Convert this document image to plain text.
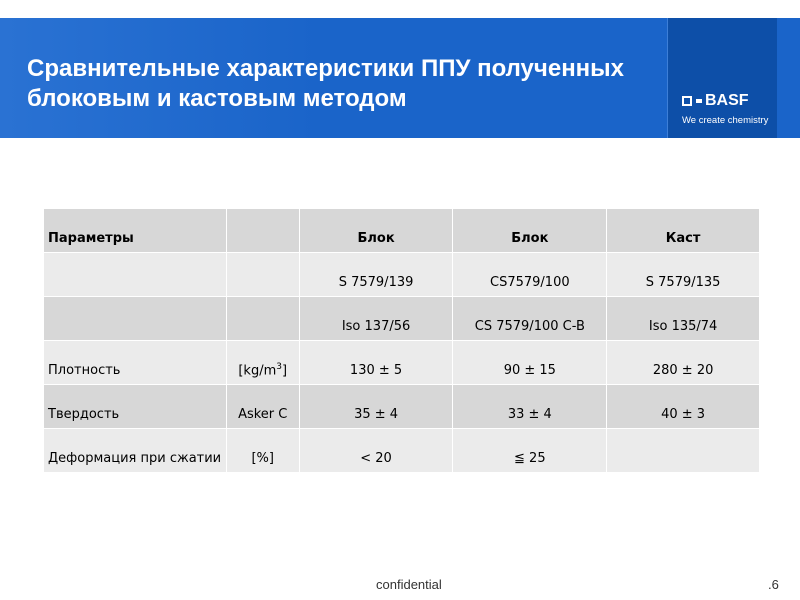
Сравнительные характеристики ППУ полученных
блоковым и кастовым методом	BASF
We create chemistry
Параметры		Блок	Блок	Каст
		S 7579/139	CS7579/100	S 7579/135
		Iso 137/56	CS 7579/100 C-B	Iso 135/74
Плотность	$[kg/m^3]$	130 ± 5	90 ± 15	280 ± 20
Твердость	Asker C	35 ± 4	33 ± 4	40 ± 3
Деформация при сжатии	[%]	< 20	≦ 25	
confidential	.6
